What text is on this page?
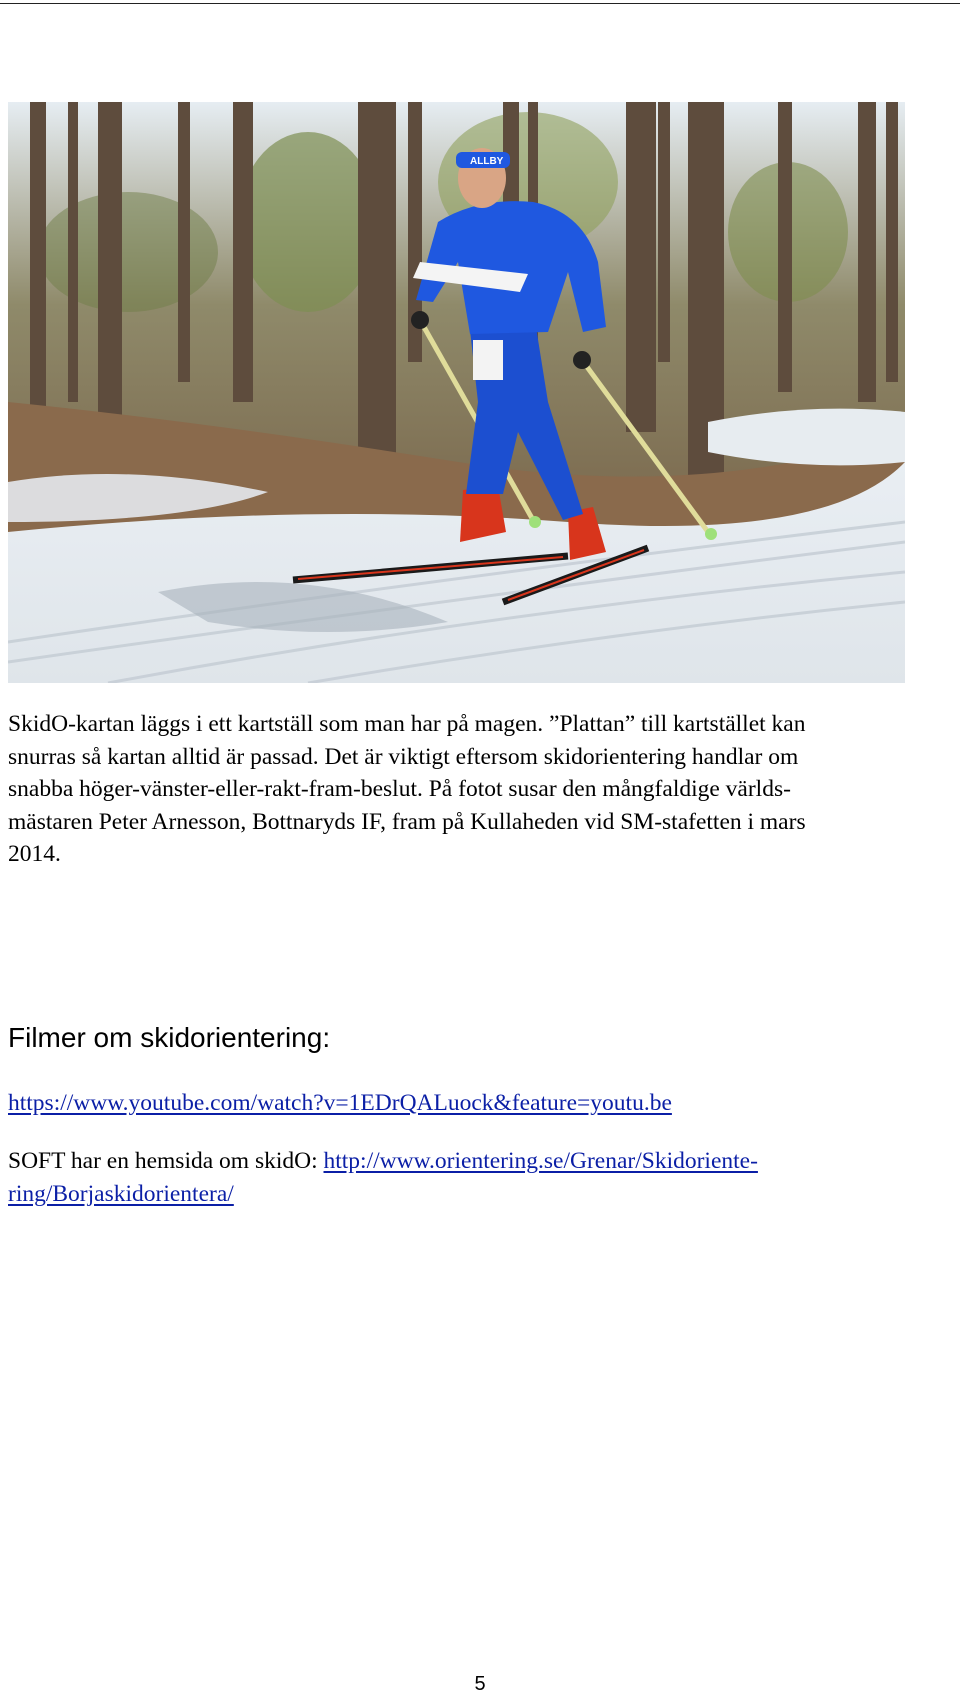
ALLBY

SkidO-kartan läggs i ett kartställ som man har på magen. ”Plattan” till kartstället kan
snurras så kartan alltid är passad. Det är viktigt eftersom skidorientering handlar om
snabba höger-vänster-eller-rakt-fram-beslut. På fotot susar den mångfaldige världs-
mästaren Peter Arnesson, Bottnaryds IF, fram på Kullaheden vid SM-stafetten i mars
2014.

Filmer om skidorientering:
https://www.youtube.com/watch?v=1EDrQALuock&feature=youtu.be

SOFT har en hemsida om skidO: http://www.orientering.se/Grenar/Skidoriente-
ring/Borjaskidorientera/

5
